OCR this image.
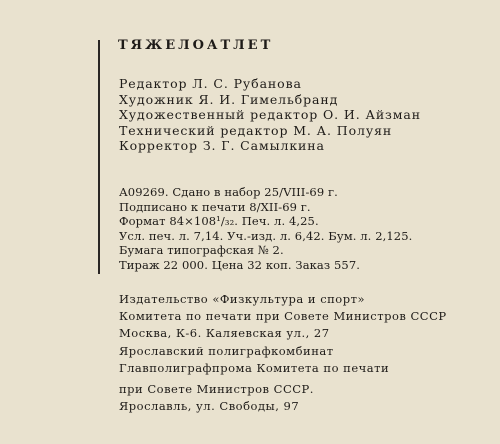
ТЯЖЕЛОАТЛЕТ
Редактор Л. С. Рубанова
Художник Я. И. Гимельбранд
Художественный редактор О. И. Айзман
Технический редактор М. А. Полуян
Корректор З. Г. Самылкина
А09269. Сдано в набор 25/VIII-69 г.
Подписано к печати 8/XII-69 г.
Формат 84×108¹/₃₂. Печ. л. 4,25.
Усл. печ. л. 7,14. Уч.-изд. л. 6,42. Бум. л. 2,125.
Бумага типографская № 2.
Тираж 22 000. Цена 32 коп. Заказ 557.
Издательство «Физкультура и спорт»
Комитета по печати при Совете Министров СССР
Москва, К-6. Каляевская ул., 27
Ярославский полиграфкомбинат
Главполиграфпрома Комитета по печати
при Совете Министров СССР.
Ярославль, ул. Свободы, 97
